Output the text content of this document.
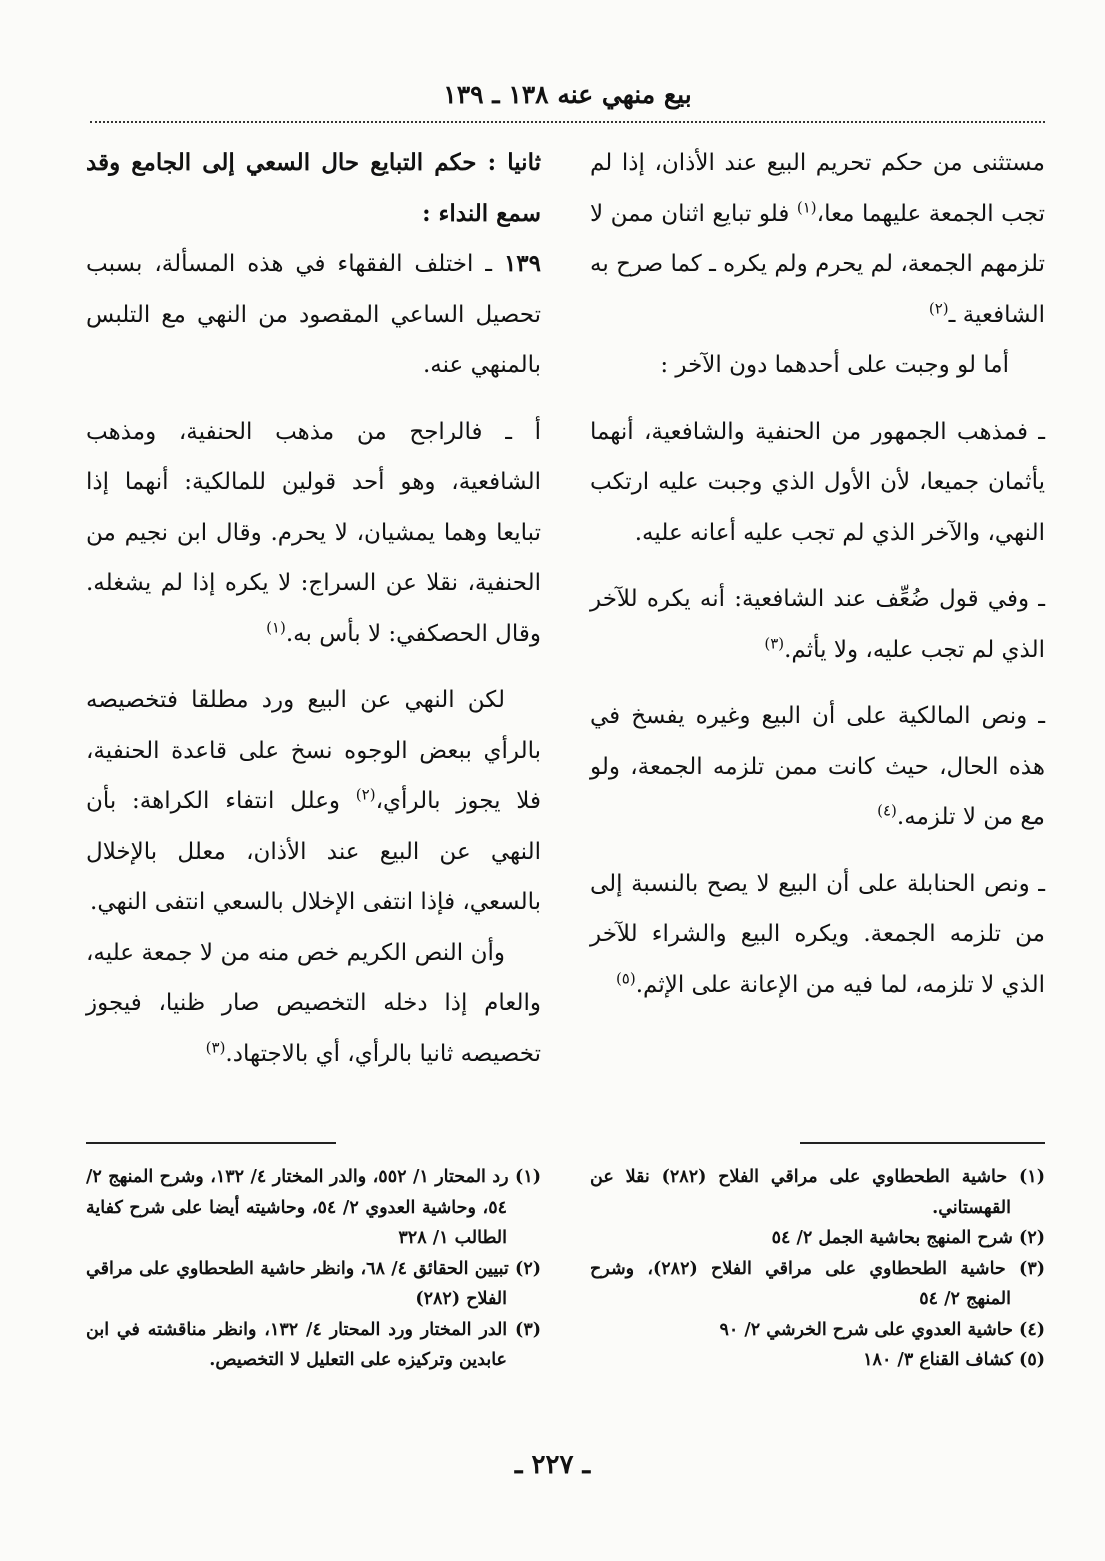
بيع منهي عنه ١٣٨ ـ ١٣٩

مستثنى من حكم تحريم البيع عند الأذان، إذا لم تجب الجمعة عليهما معا،$^{(١)}$ فلو تبايع اثنان ممن لا تلزمهم الجمعة، لم يحرم ولم يكره ـ كما صرح به الشافعية ـ$^{(٢)}$

أما لو وجبت على أحدهما دون الآخر :

ـ فمذهب الجمهور من الحنفية والشافعية، أنهما يأثمان جميعا، لأن الأول الذي وجبت عليه ارتكب النهي، والآخر الذي لم تجب عليه أعانه عليه.

ـ وفي قول ضُعِّف عند الشافعية: أنه يكره للآخر الذي لم تجب عليه، ولا يأثم.$^{(٣)}$

ـ ونص المالكية على أن البيع وغيره يفسخ في هذه الحال، حيث كانت ممن تلزمه الجمعة، ولو مع من لا تلزمه.$^{(٤)}$

ـ ونص الحنابلة على أن البيع لا يصح بالنسبة إلى من تلزمه الجمعة. ويكره البيع والشراء للآخر الذي لا تلزمه، لما فيه من الإعانة على الإثم.$^{(٥)}$

ثانيا : حكم التبايع حال السعي إلى الجامع وقد سمع النداء :

١٣٩ ـ اختلف الفقهاء في هذه المسألة، بسبب تحصيل الساعي المقصود من النهي مع التلبس بالمنهي عنه.

أ ـ فالراجح من مذهب الحنفية، ومذهب الشافعية، وهو أحد قولين للمالكية: أنهما إذا تبايعا وهما يمشيان، لا يحرم. وقال ابن نجيم من الحنفية، نقلا عن السراج: لا يكره إذا لم يشغله. وقال الحصكفي: لا بأس به.$^{(١)}$

لكن النهي عن البيع ورد مطلقا فتخصيصه بالرأي ببعض الوجوه نسخ على قاعدة الحنفية، فلا يجوز بالرأي،$^{(٢)}$ وعلل انتفاء الكراهة: بأن النهي عن البيع عند الأذان، معلل بالإخلال بالسعي، فإذا انتفى الإخلال بالسعي انتفى النهي.

وأن النص الكريم خص منه من لا جمعة عليه، والعام إذا دخله التخصيص صار ظنيا، فيجوز تخصيصه ثانيا بالرأي، أي بالاجتهاد.$^{(٣)}$

(١) حاشية الطحطاوي على مراقي الفلاح (٢٨٢) نقلا عن القهستاني.

(٢) شرح المنهج بحاشية الجمل ٢/ ٥٤

(٣) حاشية الطحطاوي على مراقي الفلاح (٢٨٢)، وشرح المنهج ٢/ ٥٤

(٤) حاشية العدوي على شرح الخرشي ٢/ ٩٠

(٥) كشاف القناع ٣/ ١٨٠

(١) رد المحتار ١/ ٥٥٢، والدر المختار ٤/ ١٣٢، وشرح المنهج ٢/ ٥٤، وحاشية العدوي ٢/ ٥٤، وحاشيته أيضا على شرح كفاية الطالب ١/ ٣٢٨

(٢) تبيين الحقائق ٤/ ٦٨، وانظر حاشية الطحطاوي على مراقي الفلاح (٢٨٢)

(٣) الدر المختار ورد المحتار ٤/ ١٣٢، وانظر مناقشته في ابن عابدين وتركيزه على التعليل لا التخصيص.

ـ ٢٢٧ ـ
